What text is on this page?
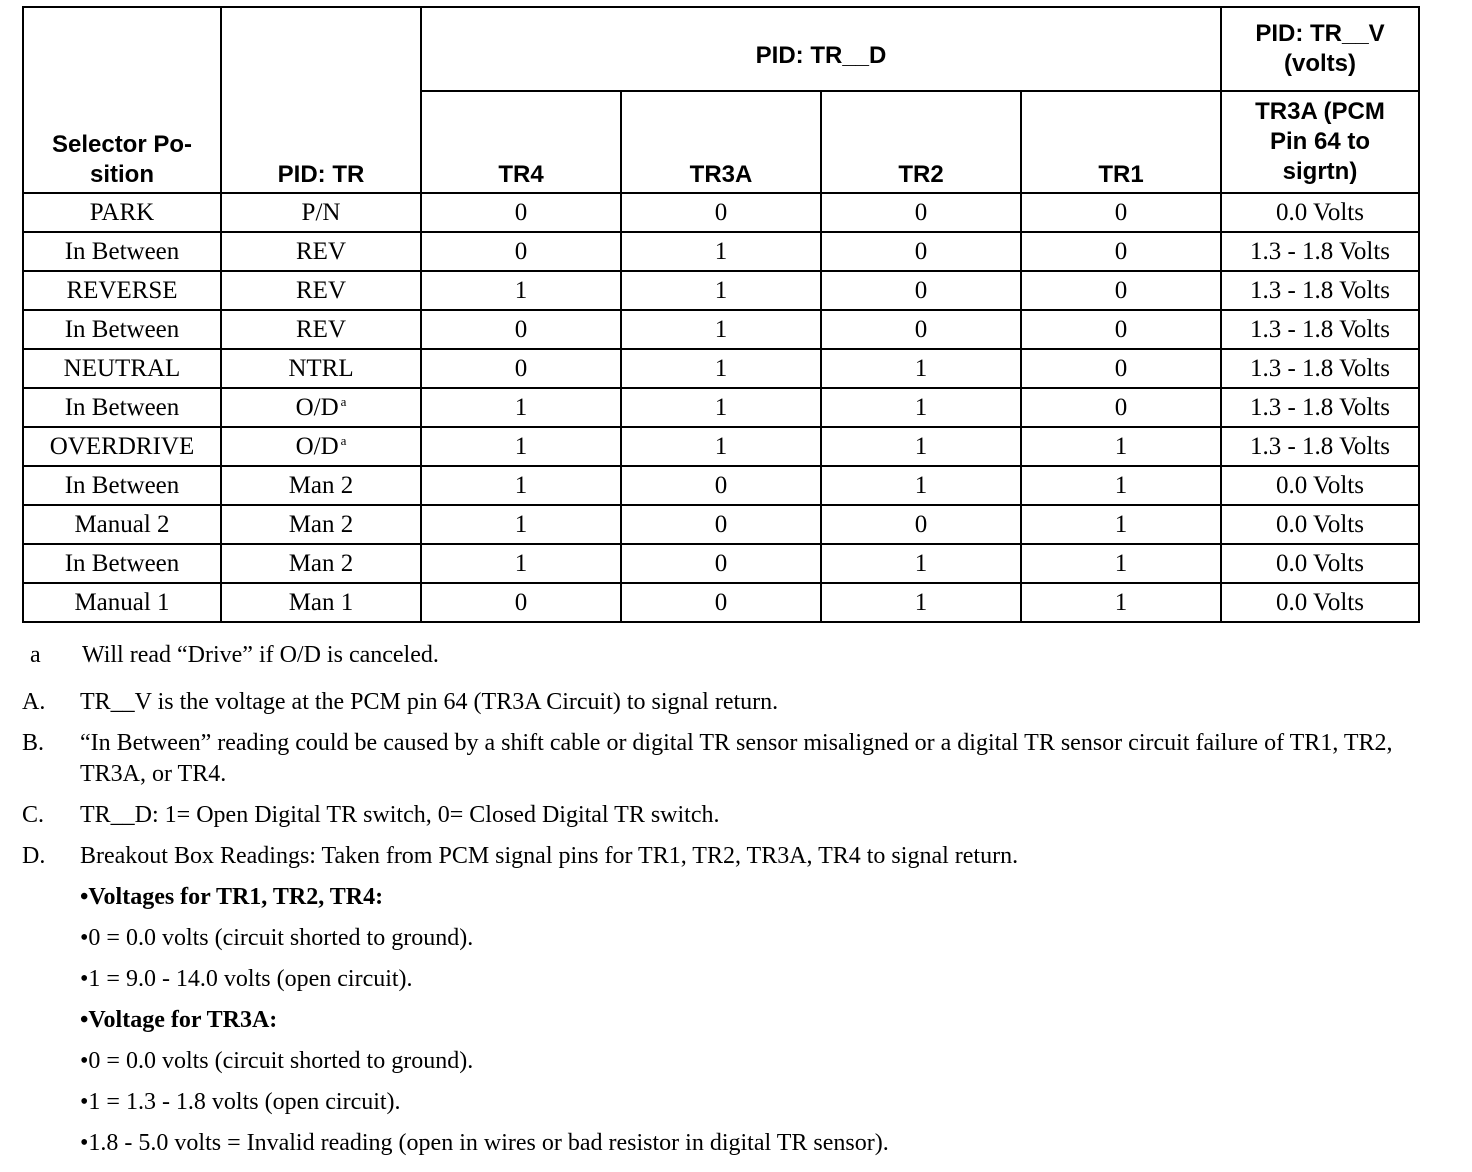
Selector Po-
sition	PID: TR	PID: TR__D				PID: TR__V
(volts)
		TR4	TR3A	TR2	TR1	TR3A (PCM
Pin 64 to
sigrtn)
PARK	P/N	0	0	0	0	0.0 Volts
In Between	REV	0	1	0	0	1.3 - 1.8 Volts
REVERSE	REV	1	1	0	0	1.3 - 1.8 Volts
In Between	REV	0	1	0	0	1.3 - 1.8 Volts
NEUTRAL	NTRL	0	1	1	0	1.3 - 1.8 Volts
In Between	O/D $^a$	1	1	1	0	1.3 - 1.8 Volts
OVERDRIVE	O/D $^a$	1	1	1	1	1.3 - 1.8 Volts
In Between	Man 2	1	0	1	1	0.0 Volts
Manual 2	Man 2	1	0	0	1	0.0 Volts
In Between	Man 2	1	0	1	1	0.0 Volts
Manual 1	Man 1	0	0	1	1	0.0 Volts
a	Will read “Drive” if O/D is canceled.
A.	TR__V is the voltage at the PCM pin 64 (TR3A Circuit) to signal return.
B.	“In Between” reading could be caused by a shift cable or digital TR sensor misaligned or a digital TR sensor circuit failure of TR1, TR2, TR3A, or TR4.
C.	TR__D: 1= Open Digital TR switch, 0= Closed Digital TR switch.
D.	Breakout Box Readings: Taken from PCM signal pins for TR1, TR2, TR3A, TR4 to signal return.
•Voltages for TR1, TR2, TR4:
•0 = 0.0 volts (circuit shorted to ground).
•1 = 9.0 - 14.0 volts (open circuit).
•Voltage for TR3A:
•0 = 0.0 volts (circuit shorted to ground).
•1 = 1.3 - 1.8 volts (open circuit).
•1.8 - 5.0 volts = Invalid reading (open in wires or bad resistor in digital TR sensor).
